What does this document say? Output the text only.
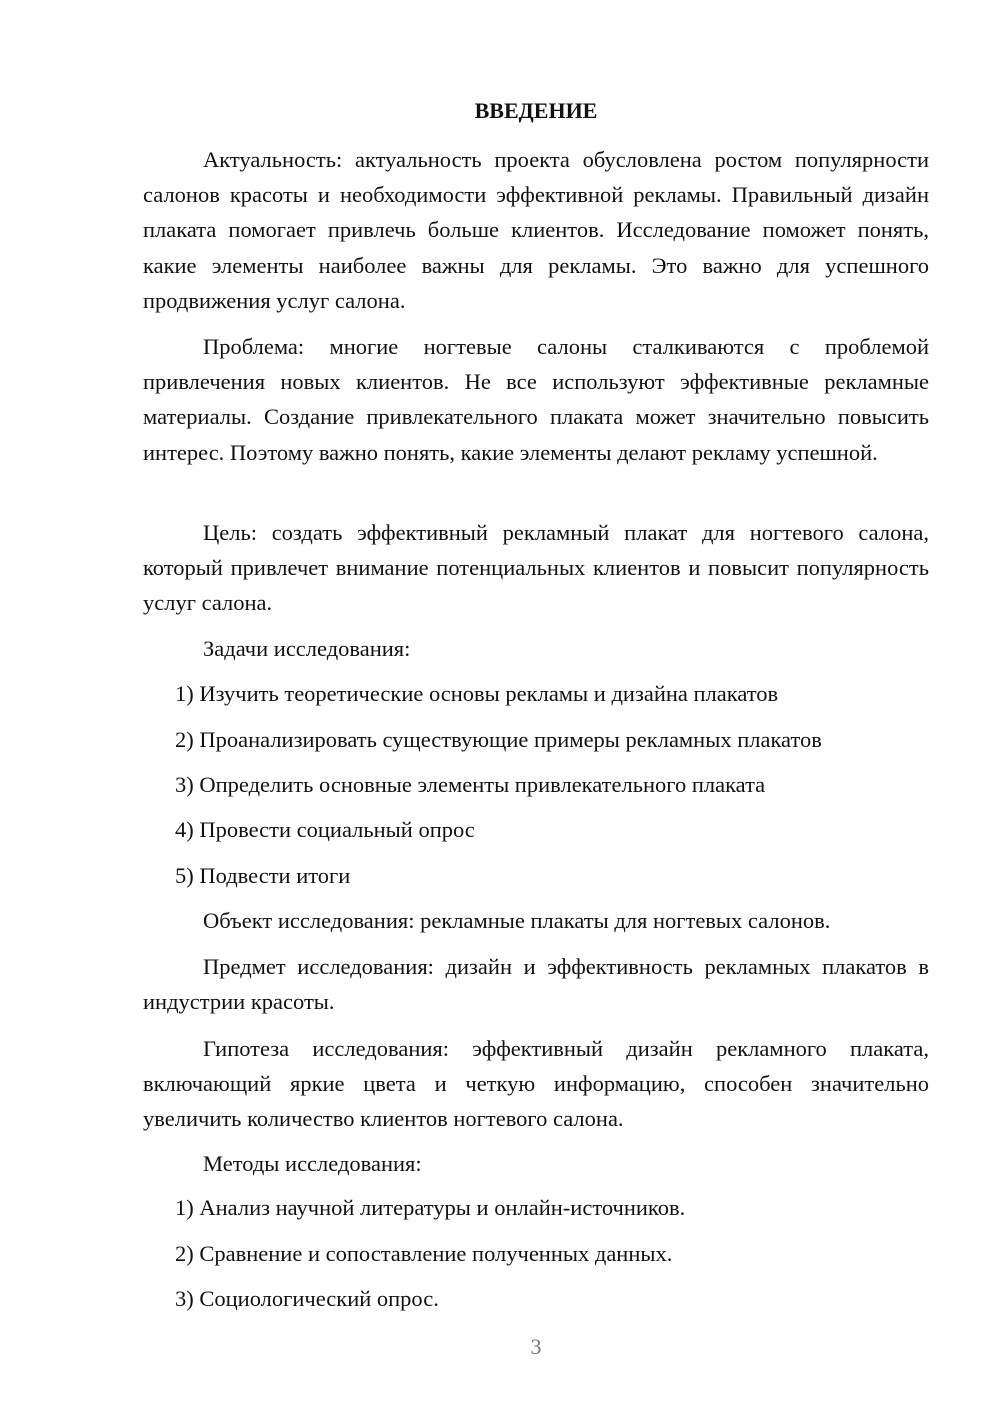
ВВЕДЕНИЕ

Актуальность: актуальность проекта обусловлена ростом популярности салонов красоты и необходимости эффективной рекламы. Правильный дизайн плаката помогает привлечь больше клиентов. Исследование поможет понять, какие элементы наиболее важны для рекламы. Это важно для успешного продвижения услуг салона.

Проблема: многие ногтевые салоны сталкиваются с проблемой привлечения новых клиентов. Не все используют эффективные рекламные материалы. Создание привлекательного плаката может значительно повысить интерес. Поэтому важно понять, какие элементы делают рекламу успешной.

Цель: создать эффективный рекламный плакат для ногтевого салона, который привлечет внимание потенциальных клиентов и повысит популярность услуг салона.

Задачи исследования:

1) Изучить теоретические основы рекламы и дизайна плакатов

2) Проанализировать существующие примеры рекламных плакатов

3) Определить основные элементы привлекательного плаката

4) Провести социальный опрос

5) Подвести итоги

Объект исследования: рекламные плакаты для ногтевых салонов.

Предмет исследования: дизайн и эффективность рекламных плакатов в индустрии красоты.

Гипотеза исследования: эффективный дизайн рекламного плаката, включающий яркие цвета и четкую информацию, способен значительно увеличить количество клиентов ногтевого салона.

Методы исследования:

1) Анализ научной литературы и онлайн-источников.

2) Сравнение и сопоставление полученных данных.

3) Социологический опрос.

3
